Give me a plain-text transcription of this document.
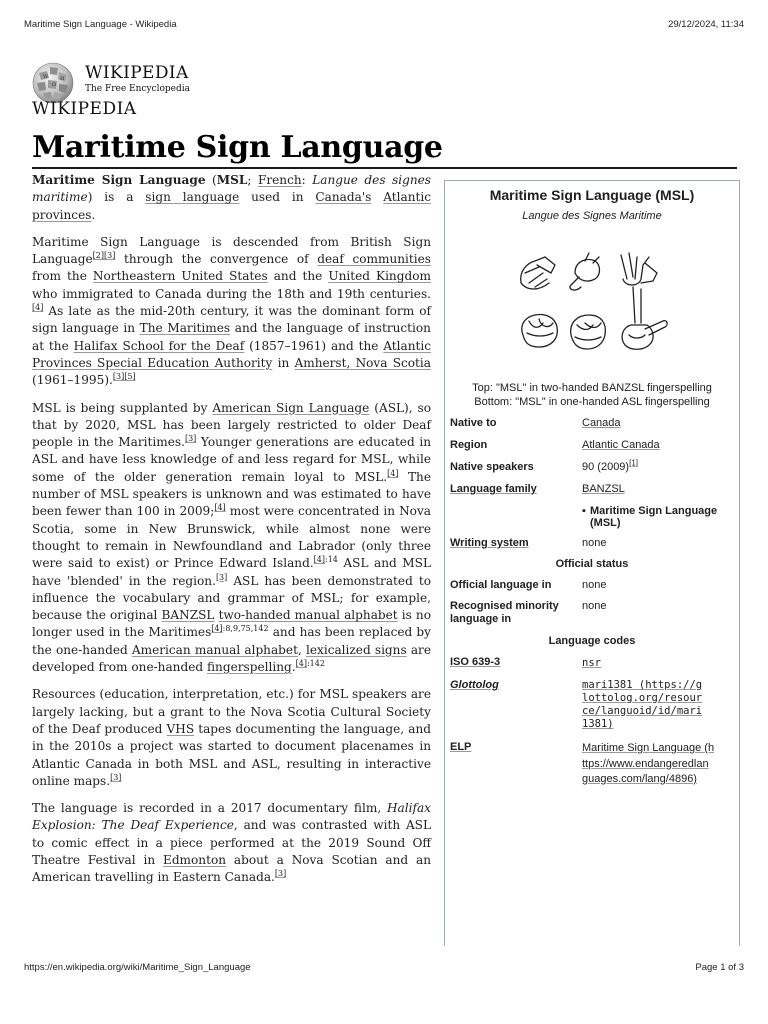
Maritime Sign Language - Wikipedia	29/12/2024, 11:34
W
Ω
И WIKIPEDIA
The Free Encyclopedia
WIKIPEDIA
Maritime Sign Language

Maritime Sign Language (MSL; French: Langue des signes maritime) is a sign language used in Canada's Atlantic provinces.

Maritime Sign Language is descended from British Sign Language[2][3] through the convergence of deaf communities from the Northeastern United States and the United Kingdom who immigrated to Canada during the 18th and 19th centuries.[4] As late as the mid-20th century, it was the dominant form of sign language in The Maritimes and the language of instruction at the Halifax School for the Deaf (1857–1961) and the Atlantic Provinces Special Education Authority in Amherst, Nova Scotia (1961–1995).[3][5]

MSL is being supplanted by American Sign Language (ASL), so that by 2020, MSL has been largely restricted to older Deaf people in the Maritimes.[3] Younger generations are educated in ASL and have less knowledge of and less regard for MSL, while some of the older generation remain loyal to MSL.[4] The number of MSL speakers is unknown and was estimated to have been fewer than 100 in 2009;[4] most were concentrated in Nova Scotia, some in New Brunswick, while almost none were thought to remain in Newfoundland and Labrador (only three were said to exist) or Prince Edward Island.$^{[4]:14}$ ASL and MSL have 'blended' in the region.[3] ASL has been demonstrated to influence the vocabulary and grammar of MSL; for example, because the original BANZSL two-handed manual alphabet is no longer used in the Maritimes$^{[4]:8,9,75,142}$ and has been replaced by the one-handed American manual alphabet, lexicalized signs are developed from one-handed fingerspelling.$^{[4]:142}$

Resources (education, interpretation, etc.) for MSL speakers are largely lacking, but a grant to the Nova Scotia Cultural Society of the Deaf produced VHS tapes documenting the language, and in the 2010s a project was started to document placenames in Atlantic Canada in both MSL and ASL, resulting in interactive online maps.[3]

The language is recorded in a 2017 documentary film, Halifax Explosion: The Deaf Experience, and was contrasted with ASL to comic effect in a piece performed at the 2019 Sound Off Theatre Festival in Edmonton about a Nova Scotian and an American travelling in Eastern Canada.[3]

Maritime Sign Language (MSL)
Langue des Signes Maritime
Top: "MSL" in two-handed BANZSL fingerspelling
Bottom: "MSL" in one-handed ASL fingerspelling
Native to	Canada
Region	Atlantic Canada
Native speakers	90 (2009)[1]
Language family	BANZSL
▪ Maritime Sign Language (MSL)
Writing system	none
Official status
Official language in	none
Recognised minority language in
none
Language codes
ISO 639-3	nsr
Glottolog	mari1381 (https://g
lottolog.org/resour
ce/languoid/id/mari
1381)
ELP	Maritime Sign Language (h
ttps://www.endangeredlan
guages.com/lang/4896)
https://en.wikipedia.org/wiki/Maritime_Sign_Language	Page 1 of 3
